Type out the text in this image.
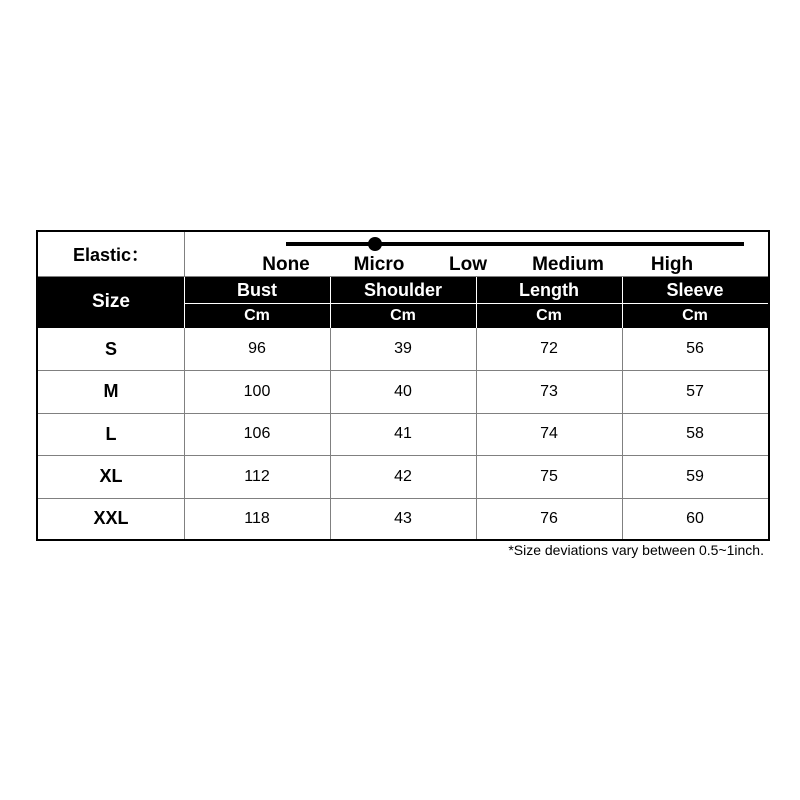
Elastic：	None Micro Low Medium High
Size
Bust	Shoulder	Length	Sleeve
Cm	Cm	Cm	Cm
S	96	39	72	56
M	100	40	73	57
L	106	41	74	58
XL	112	42	75	59
XXL	118	43	76	60
*Size deviations vary between 0.5~1inch.
